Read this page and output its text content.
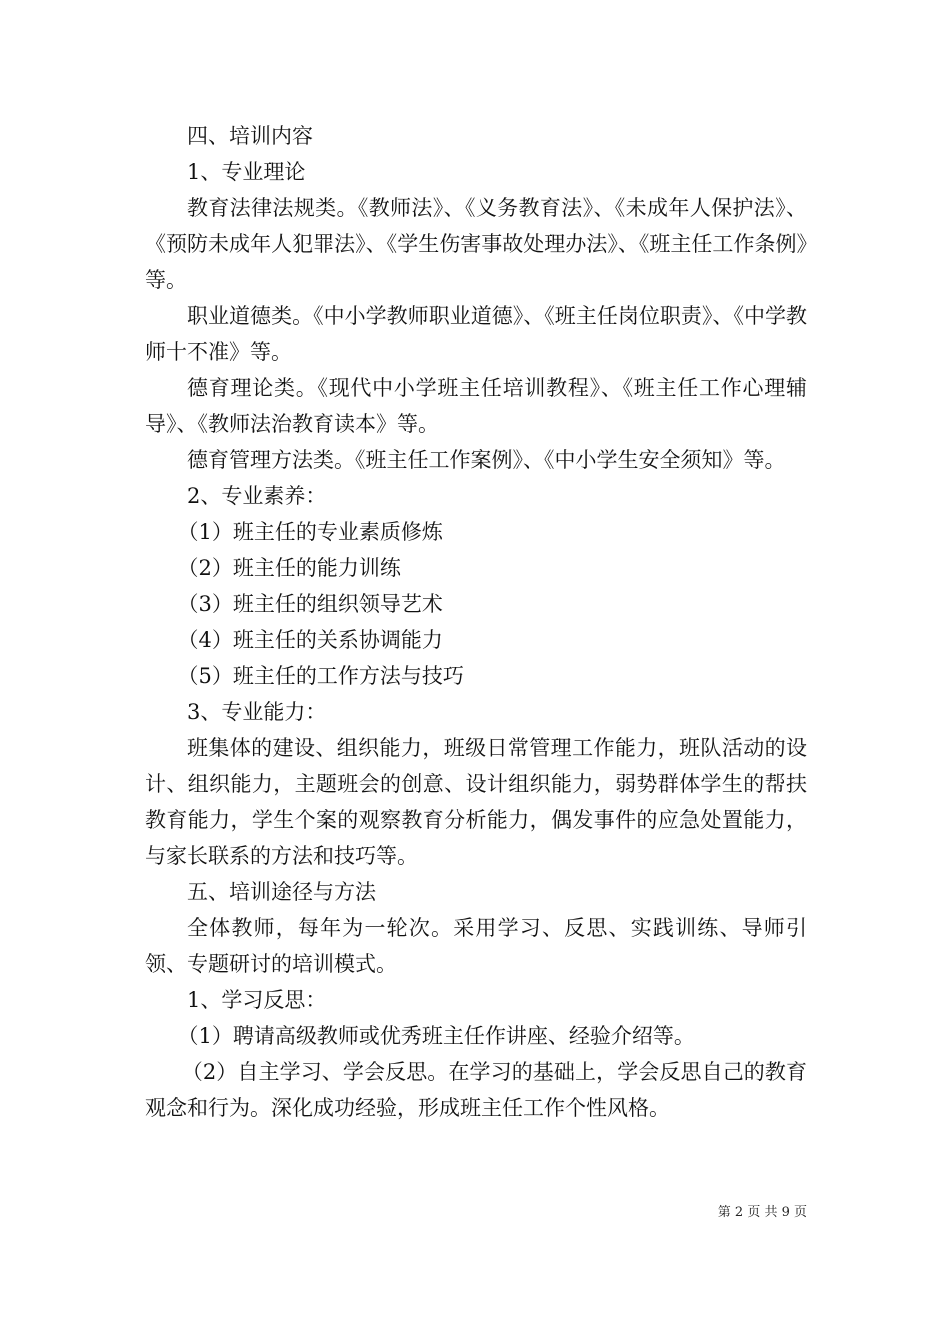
四、培训内容

1、专业理论

教育法律法规类。《教师法》、《义务教育法》、《未成年人保护法》、《预防未成年人犯罪法》、《学生伤害事故处理办法》、《班主任工作条例》等。

职业道德类。《中小学教师职业道德》、《班主任岗位职责》、《中学教师十不准》等。

德育理论类。《现代中小学班主任培训教程》、《班主任工作心理辅导》、《教师法治教育读本》等。

德育管理方法类。《班主任工作案例》、《中小学生安全须知》等。

2、专业素养：

（1）班主任的专业素质修炼

（2）班主任的能力训练

（3）班主任的组织领导艺术

（4）班主任的关系协调能力

（5）班主任的工作方法与技巧

3、专业能力：

班集体的建设、组织能力，班级日常管理工作能力，班队活动的设计、组织能力，主题班会的创意、设计组织能力，弱势群体学生的帮扶教育能力，学生个案的观察教育分析能力，偶发事件的应急处置能力，与家长联系的方法和技巧等。

五、培训途径与方法

全体教师，每年为一轮次。采用学习、反思、实践训练、导师引领、专题研讨的培训模式。

1、学习反思：

（1）聘请高级教师或优秀班主任作讲座、经验介绍等。

（2）自主学习、学会反思。在学习的基础上，学会反思自己的教育观念和行为。深化成功经验，形成班主任工作个性风格。

第 2 页 共 9 页
